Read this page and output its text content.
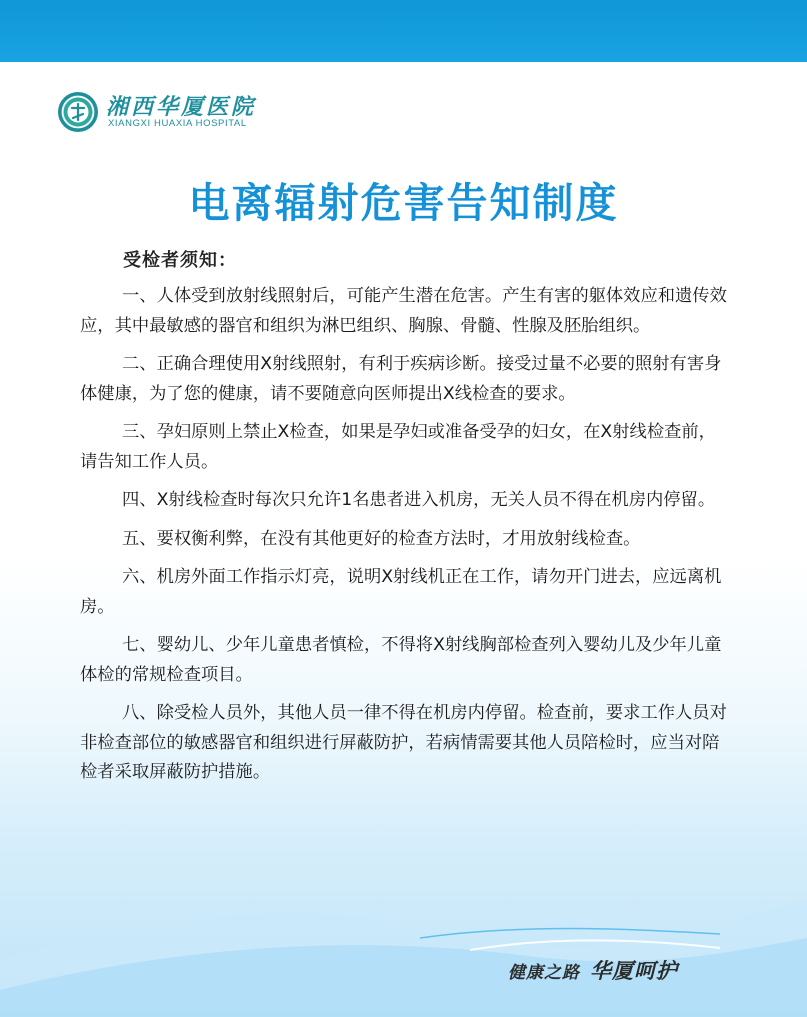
湘西华厦医院
XIANGXI HUAXIA HOSPITAL
电离辐射危害告知制度
受检者须知：

一、人体受到放射线照射后，可能产生潜在危害。产生有害的躯体效应和遗传效应，其中最敏感的器官和组织为淋巴组织、胸腺、骨髓、性腺及胚胎组织。

二、正确合理使用X射线照射，有利于疾病诊断。接受过量不必要的照射有害身体健康，为了您的健康，请不要随意向医师提出X线检查的要求。

三、孕妇原则上禁止X检查，如果是孕妇或准备受孕的妇女，在X射线检查前，请告知工作人员。

四、X射线检查时每次只允许1名患者进入机房，无关人员不得在机房内停留。

五、要权衡利弊，在没有其他更好的检查方法时，才用放射线检查。

六、机房外面工作指示灯亮，说明X射线机正在工作，请勿开门进去，应远离机房。

七、婴幼儿、少年儿童患者慎检，不得将X射线胸部检查列入婴幼儿及少年儿童体检的常规检查项目。

八、除受检人员外，其他人员一律不得在机房内停留。检查前，要求工作人员对非检查部位的敏感器官和组织进行屏蔽防护，若病情需要其他人员陪检时，应当对陪检者采取屏蔽防护措施。

健康之路 华厦呵护
